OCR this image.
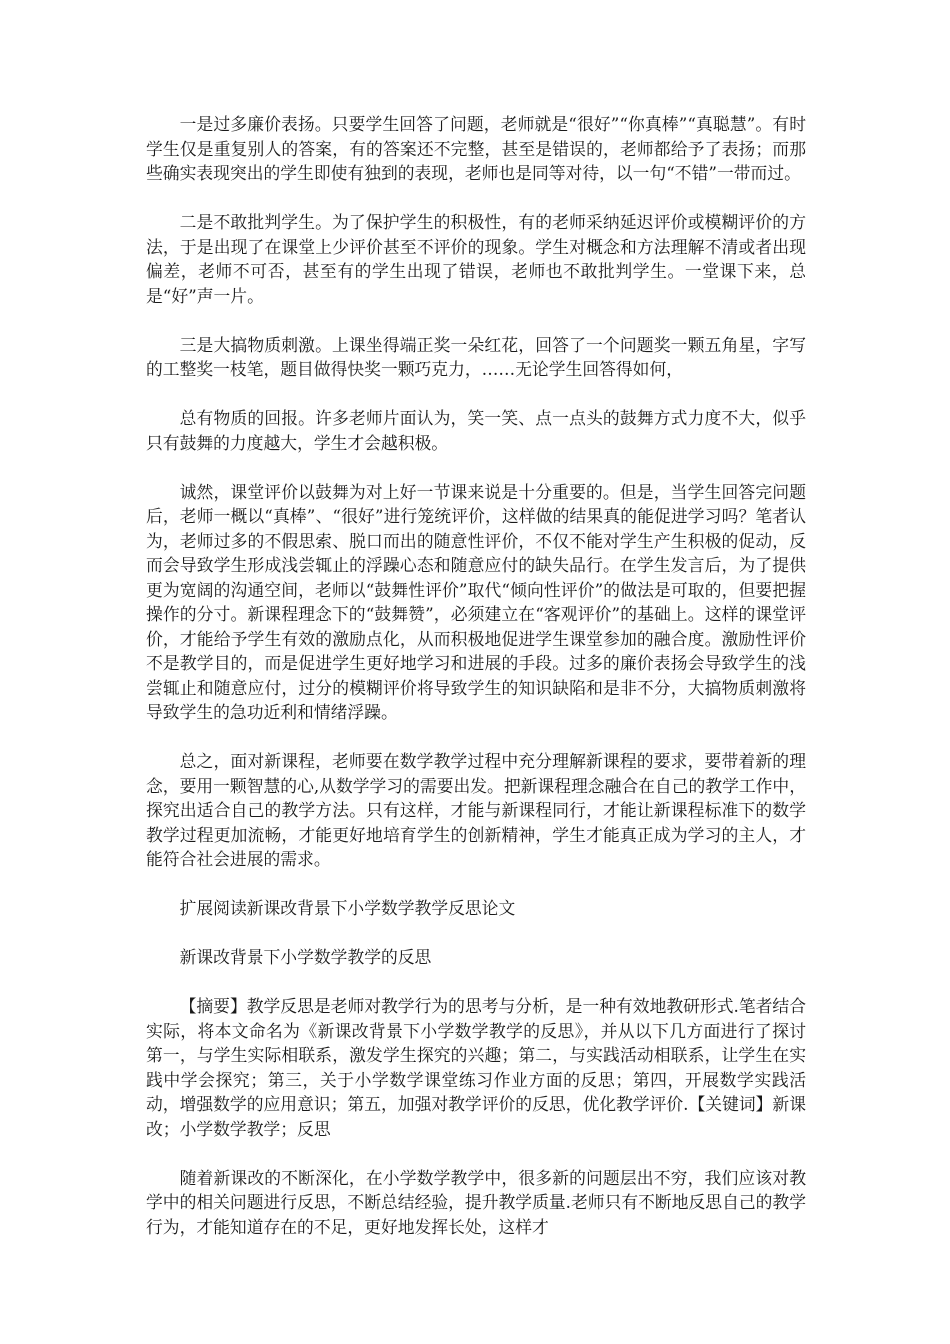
一是过多廉价表扬。只要学生回答了问题，老师就是“很好”“你真棒”“真聪慧”。有时学生仅是重复别人的答案，有的答案还不完整，甚至是错误的，老师都给予了表扬；而那些确实表现突出的学生即使有独到的表现，老师也是同等对待，以一句“不错”一带而过。

二是不敢批判学生。为了保护学生的积极性，有的老师采纳延迟评价或模糊评价的方法，于是出现了在课堂上少评价甚至不评价的现象。学生对概念和方法理解不清或者出现偏差，老师不可否，甚至有的学生出现了错误，老师也不敢批判学生。一堂课下来，总是“好”声一片。

三是大搞物质刺激。上课坐得端正奖一朵红花，回答了一个问题奖一颗五角星，字写的工整奖一枝笔，题目做得快奖一颗巧克力，……无论学生回答得如何，

总有物质的回报。许多老师片面认为，笑一笑、点一点头的鼓舞方式力度不大，似乎只有鼓舞的力度越大，学生才会越积极。

诚然，课堂评价以鼓舞为对上好一节课来说是十分重要的。但是，当学生回答完问题后，老师一概以“真棒”、“很好”进行笼统评价，这样做的结果真的能促进学习吗？笔者认为，老师过多的不假思索、脱口而出的随意性评价，不仅不能对学生产生积极的促动，反而会导致学生形成浅尝辄止的浮躁心态和随意应付的缺失品行。在学生发言后，为了提供更为宽阔的沟通空间，老师以“鼓舞性评价”取代“倾向性评价”的做法是可取的，但要把握操作的分寸。新课程理念下的“鼓舞赞”，必须建立在“客观评价”的基础上。这样的课堂评价，才能给予学生有效的激励点化，从而积极地促进学生课堂参加的融合度。激励性评价不是教学目的，而是促进学生更好地学习和进展的手段。过多的廉价表扬会导致学生的浅尝辄止和随意应付，过分的模糊评价将导致学生的知识缺陷和是非不分，大搞物质刺激将导致学生的急功近利和情绪浮躁。

总之，面对新课程，老师要在数学教学过程中充分理解新课程的要求，要带着新的理念，要用一颗智慧的心,从数学学习的需要出发。把新课程理念融合在自己的教学工作中，探究出适合自己的教学方法。只有这样，才能与新课程同行，才能让新课程标准下的数学教学过程更加流畅，才能更好地培育学生的创新精神，学生才能真正成为学习的主人，才能符合社会进展的需求。

扩展阅读新课改背景下小学数学教学反思论文

新课改背景下小学数学教学的反思

【摘要】教学反思是老师对教学行为的思考与分析，是一种有效地教研形式.笔者结合实际，将本文命名为《新课改背景下小学数学教学的反思》，并从以下几方面进行了探讨第一，与学生实际相联系，激发学生探究的兴趣；第二，与实践活动相联系，让学生在实践中学会探究；第三，关于小学数学课堂练习作业方面的反思；第四，开展数学实践活动，增强数学的应用意识；第五，加强对教学评价的反思，优化教学评价.【关键词】新课改；小学数学教学；反思

随着新课改的不断深化，在小学数学教学中，很多新的问题层出不穷，我们应该对教学中的相关问题进行反思，不断总结经验，提升教学质量.老师只有不断地反思自己的教学行为，才能知道存在的不足，更好地发挥长处，这样才
